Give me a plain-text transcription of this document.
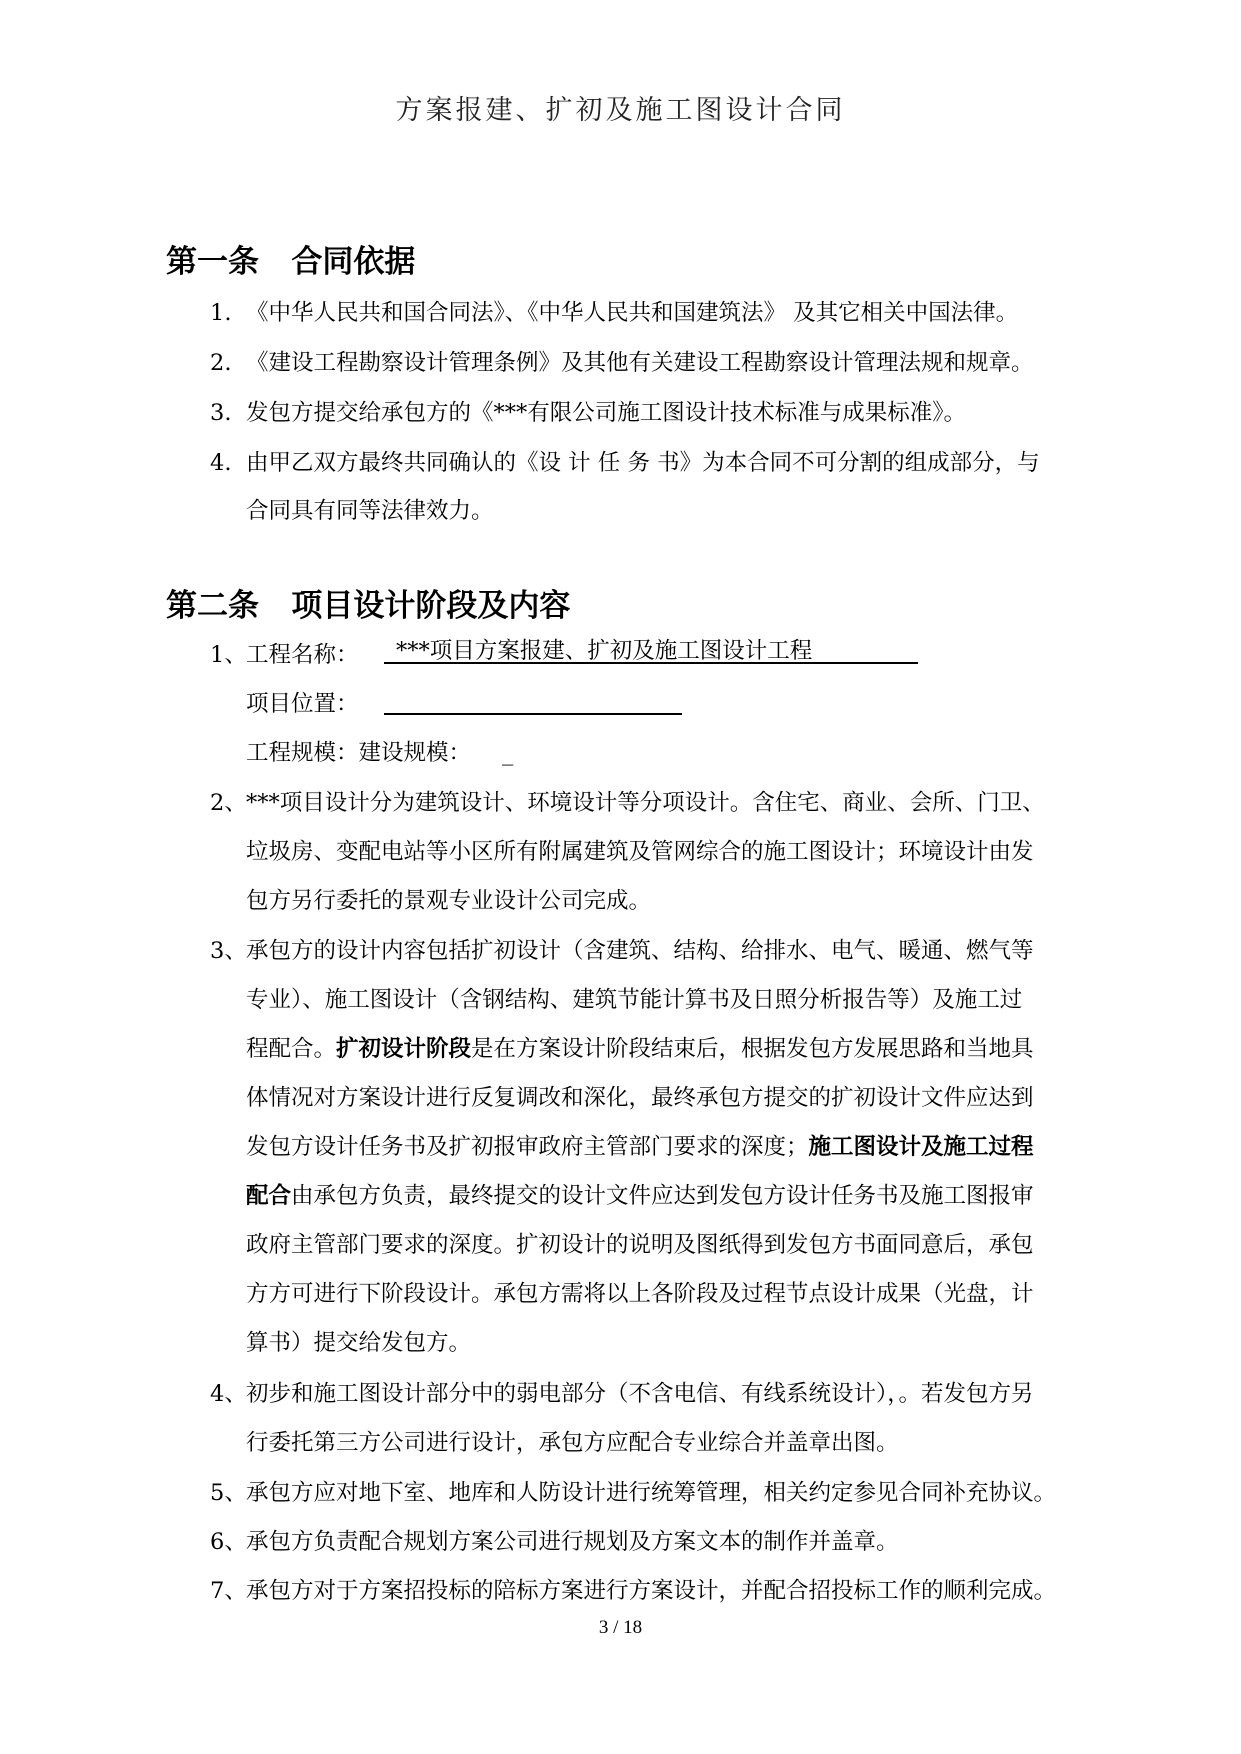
方案报建、扩初及施工图设计合同
第一条   合同依据
1. 《中华人民共和国合同法》、《中华人民共和国建筑法》 及其它相关中国法律。
2. 《建设工程勘察设计管理条例》及其他有关建设工程勘察设计管理法规和规章。
3. 发包方提交给承包方的《***有限公司施工图设计技术标准与成果标准》。
4. 由甲乙双方最终共同确认的《设 计 任 务 书》为本合同不可分割的组成部分，与
合同具有同等法律效力。
第二条   项目设计阶段及内容
1、 工程名称：	***项目方案报建、扩初及施工图设计工程
项目位置：
工程规模：建设规模： _
2、 ***项目设计分为建筑设计、环境设计等分项设计。含住宅、商业、会所、门卫、
垃圾房、变配电站等小区所有附属建筑及管网综合的施工图设计；环境设计由发
包方另行委托的景观专业设计公司完成。
3、 承包方的设计内容包括扩初设计（含建筑、结构、给排水、电气、暖通、燃气等
专业）、施工图设计（含钢结构、建筑节能计算书及日照分析报告等）及施工过
程配合。扩初设计阶段是在方案设计阶段结束后，根据发包方发展思路和当地具
体情况对方案设计进行反复调改和深化，最终承包方提交的扩初设计文件应达到
发包方设计任务书及扩初报审政府主管部门要求的深度；施工图设计及施工过程
配合由承包方负责，最终提交的设计文件应达到发包方设计任务书及施工图报审
政府主管部门要求的深度。扩初设计的说明及图纸得到发包方书面同意后，承包
方方可进行下阶段设计。承包方需将以上各阶段及过程节点设计成果（光盘，计
算书）提交给发包方。
4、 初步和施工图设计部分中的弱电部分（不含电信、有线系统设计），。若发包方另
行委托第三方公司进行设计，承包方应配合专业综合并盖章出图。
5、 承包方应对地下室、地库和人防设计进行统筹管理，相关约定参见合同补充协议。
6、 承包方负责配合规划方案公司进行规划及方案文本的制作并盖章。
7、 承包方对于方案招投标的陪标方案进行方案设计，并配合招投标工作的顺利完成。
3 / 18
